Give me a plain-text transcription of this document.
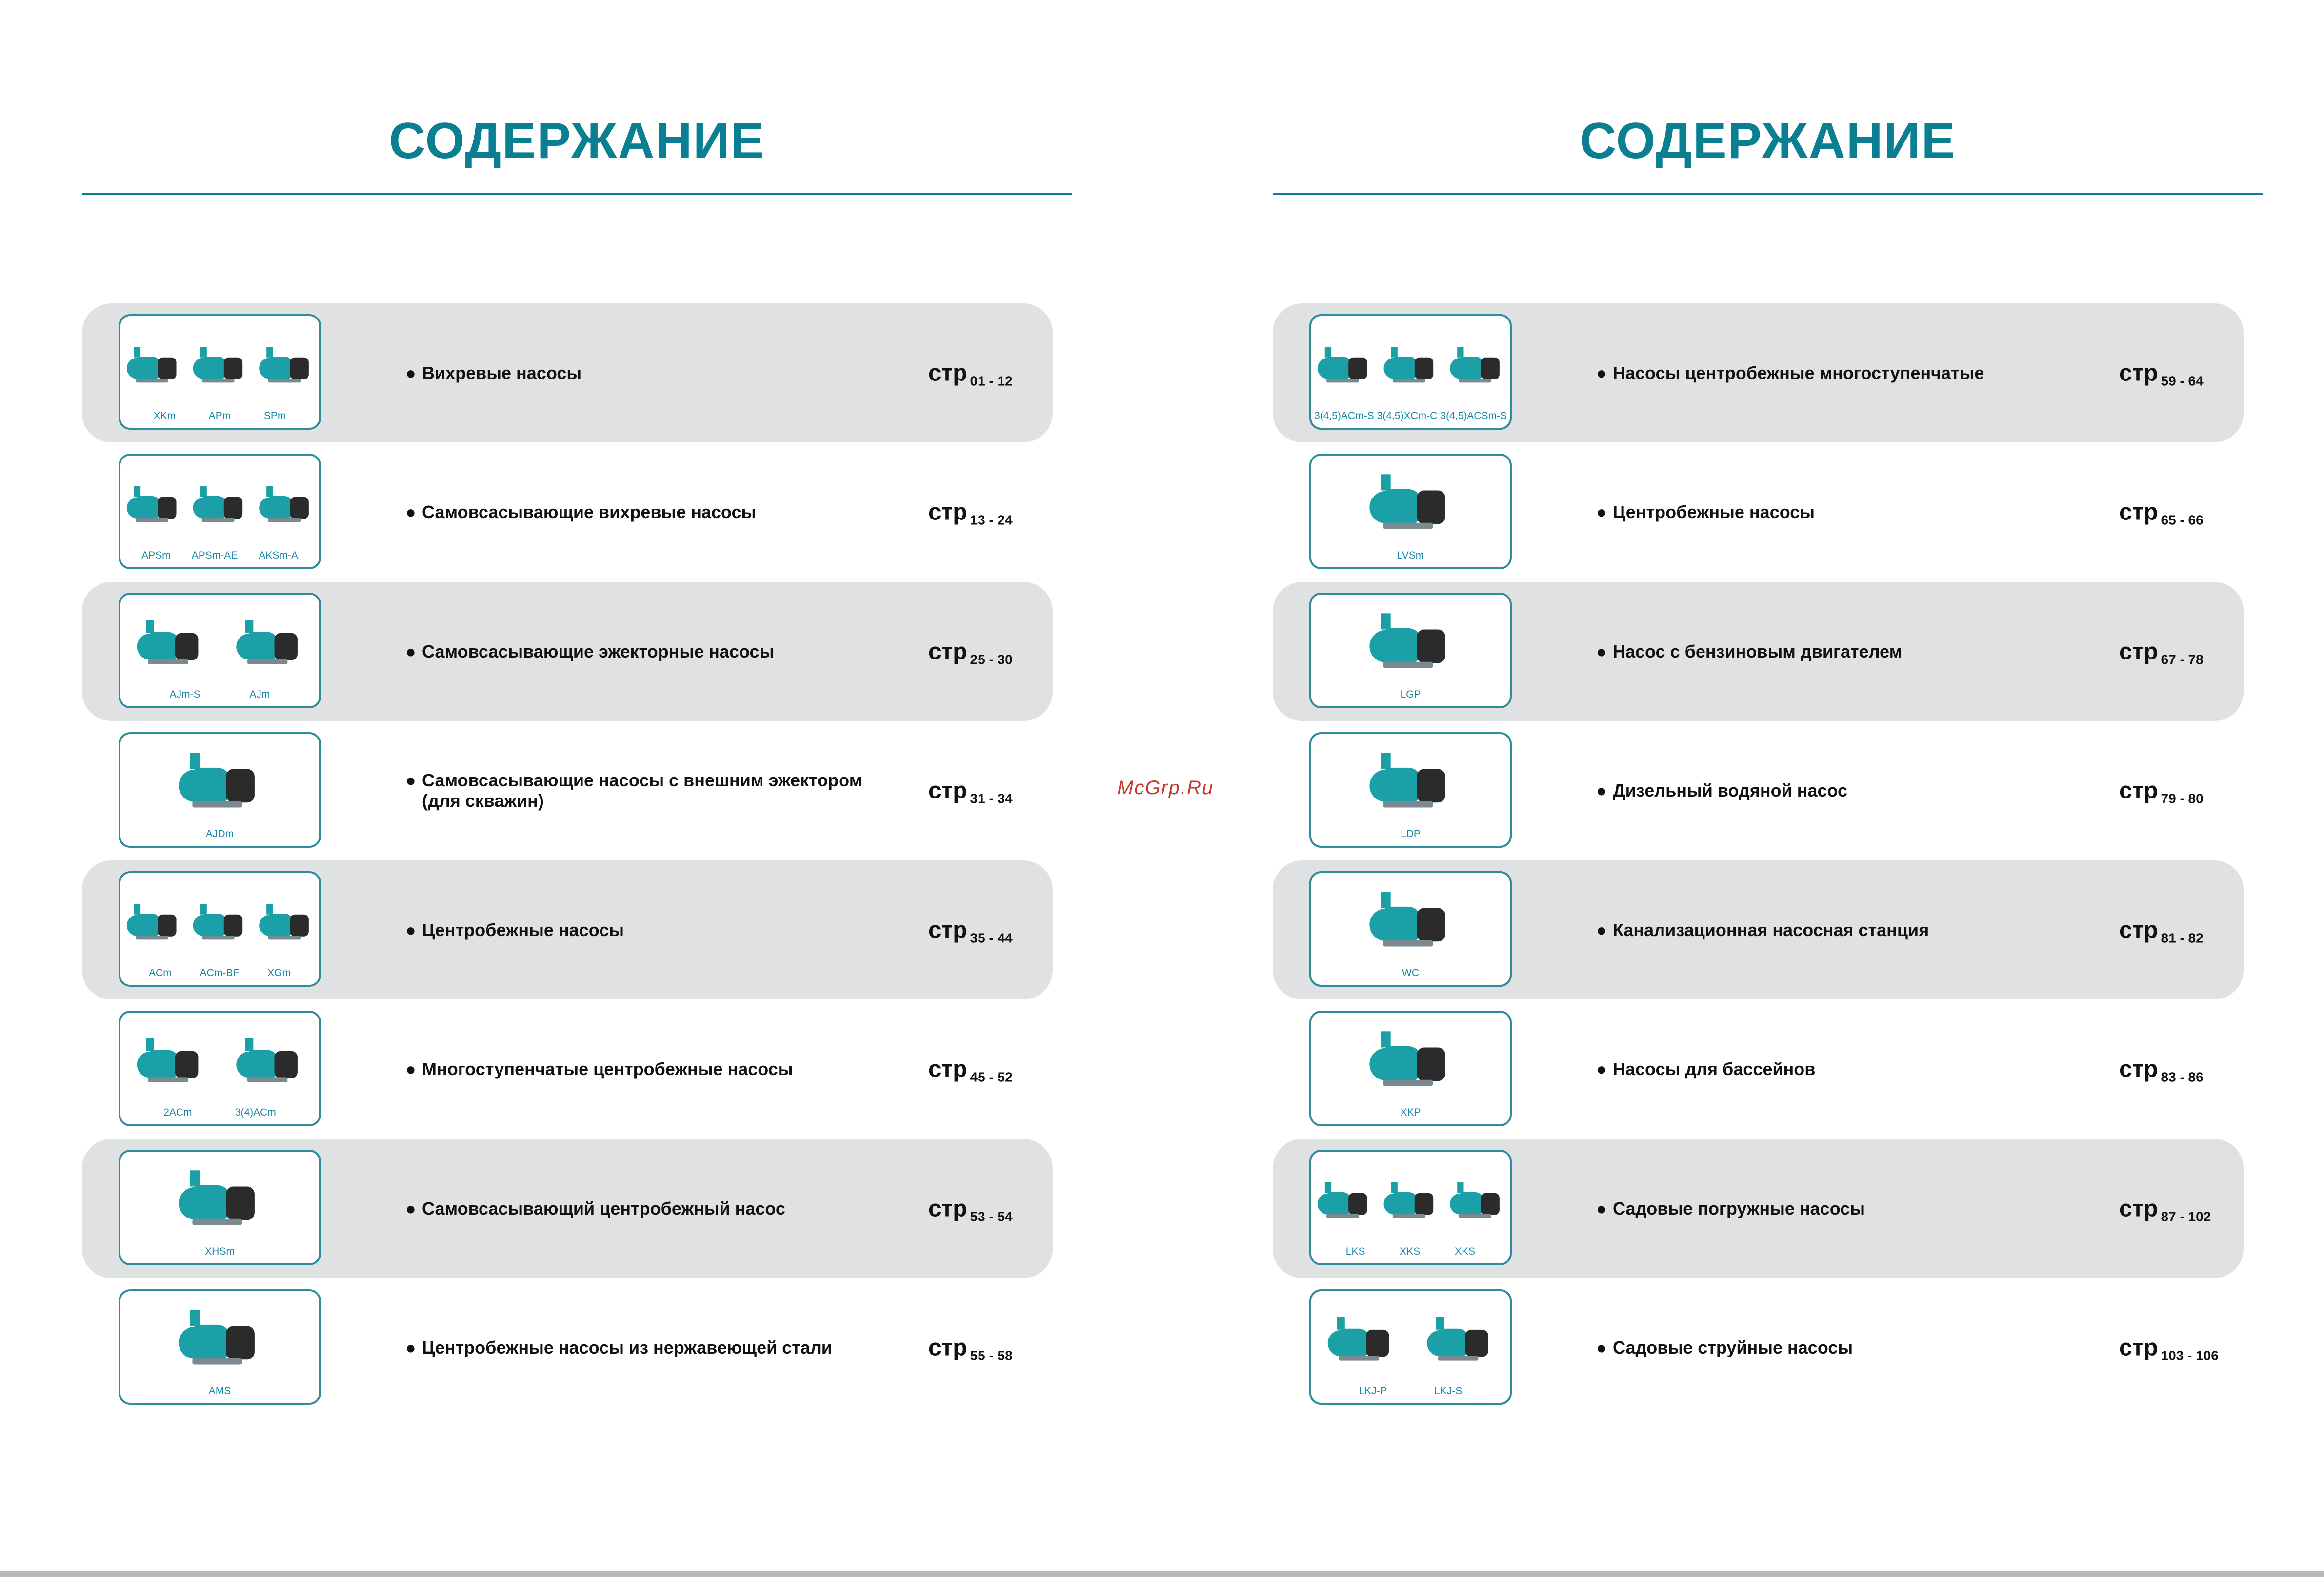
СОДЕРЖАНИЕ
XKm	APm	SPm
● Вихревые насосы	стр 01 - 12
APSm APSm-AE AKSm-A
● Самовсасывающие вихревые насосы	стр 13 - 24
AJm-S	AJm
● Самовсасывающие эжекторные насосы	стр 25 - 30
AJDm
● Самовсасывающие насосы с внешним эжектором
(для скважин)	стр 31 - 34
ACm	ACm-BF	XGm
● Центробежные насосы	стр 35 - 44
2ACm	3(4)ACm
● Многоступенчатые центробежные насосы	стр 45 - 52
XHSm
● Самовсасывающий центробежный насос	стр 53 - 54
AMS
● Центробежные насосы из нержавеющей стали	стр 55 - 58
СОДЕРЖАНИЕ
3(4,5)ACm-S 3(4,5)XCm-C 3(4,5)ACSm-S
● Насосы центробежные многоступенчатые	стр 59 - 64
LVSm
● Центробежные насосы	стр 65 - 66
LGP
● Насос с бензиновым двигателем	стр 67 - 78
LDP
● Дизельный водяной насос	стр 79 - 80
WC
● Канализационная насосная станция	стр 81 - 82
XKP
● Насосы для бассейнов	стр 83 - 86
LKS	XKS	XKS
● Садовые погружные насосы	стр 87 - 102
LKJ-P	LKJ-S
● Садовые струйные насосы	стр 103 - 106
McGrp.Ru
